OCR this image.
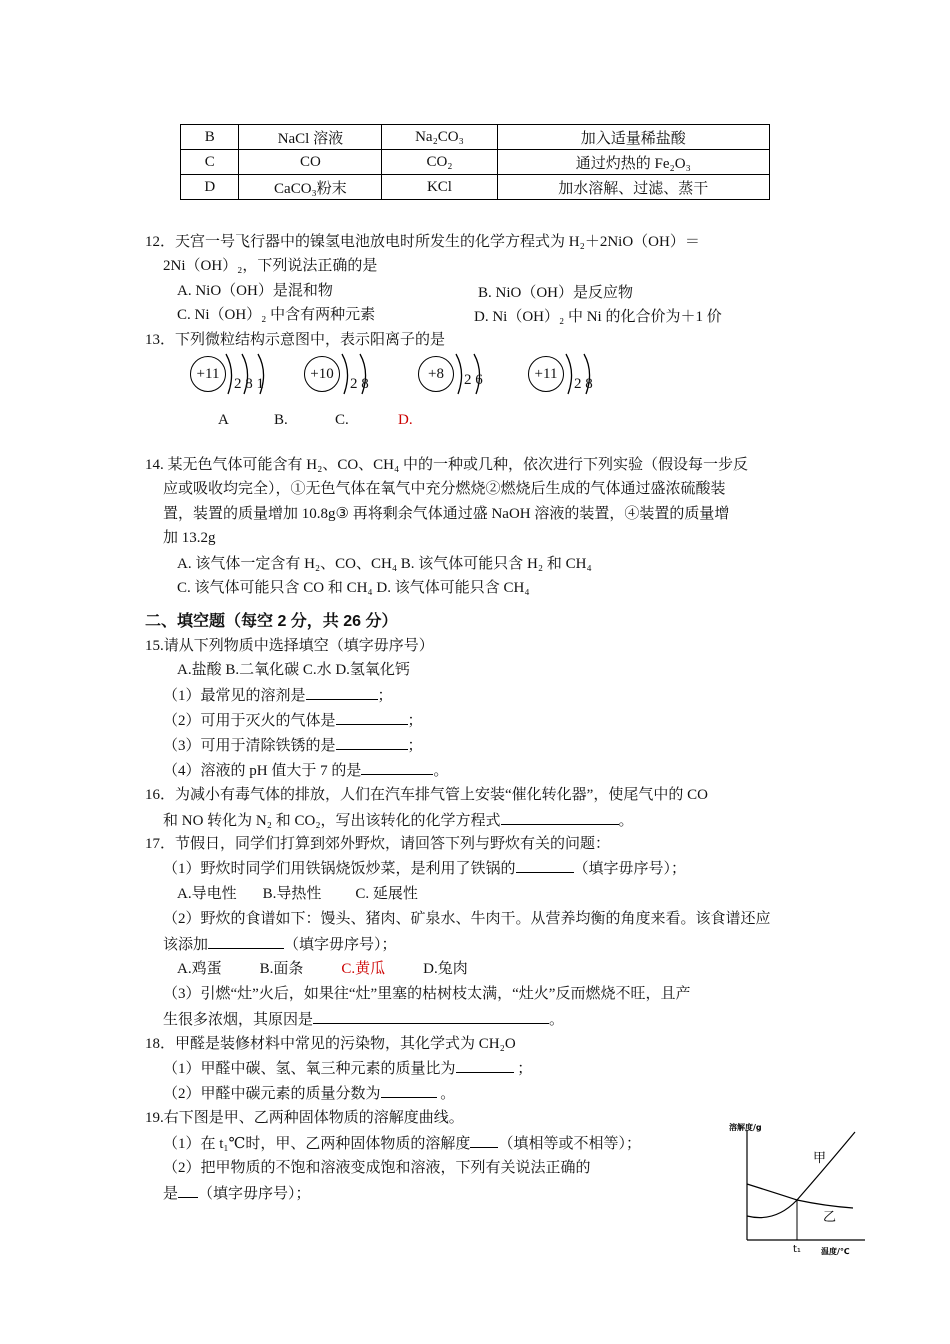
B	NaCl 溶液	Na₂CO₃	加入适量稀盐酸
C	CO	CO₂	通过灼热的 Fe₂O₃
D	CaCO₃粉末	KCl	加水溶解、过滤、蒸干
12．天宫一号飞行器中的镍氢电池放电时所发生的化学方程式为 H₂＋2NiO（OH）＝
2Ni（OH）₂，下列说法正确的是
A. NiO（OH）是混和物	B. NiO（OH）是反应物
C. Ni（OH）₂ 中含有两种元素	D. Ni（OH）₂ 中 Ni 的化合价为＋1 价
13．下列微粒结构示意图中，表示阳离子的是
+11
2 8 1
+10
2 8
+8	2 6	+11
2 8
A	B.	C.	D.
14. 某无色气体可能含有 H₂、CO、CH₄ 中的一种或几种，依次进行下列实验（假设每一步反
应或吸收均完全），①无色气体在氧气中充分燃烧②燃烧后生成的气体通过盛浓硫酸装
置，装置的质量增加 10.8g③ 再将剩余气体通过盛 NaOH 溶液的装置，④装置的质量增
加 13.2g
A. 该气体一定含有 H₂、CO、CH₄ B. 该气体可能只含 H₂ 和 CH₄
C. 该气体可能只含 CO 和 CH₄ D. 该气体可能只含 CH₄
二、填空题（每空 2 分，共 26 分）
15.请从下列物质中选择填空（填字毋序号）
A.盐酸 B.二氧化碳 C.水 D.氢氧化钙
（1）最常见的溶剂是	；
（2）可用于灭火的气体是	；
（3）可用于清除铁锈的是	；
（4）溶液的 pH 值大于 7 的是	。
16．为减小有毒气体的排放，人们在汽车排气管上安装“催化转化器”，使尾气中的 CO
和 NO 转化为 N₂ 和 CO₂，写出该转化的化学方程式	。
17．节假日，同学们打算到郊外野炊，请回答下列与野炊有关的问题：
（1）野炊时同学们用铁锅烧饭炒菜，是利用了铁锅的	（填字毋序号）；
A.导电性 B.导热性 C. 延展性
（2）野炊的食谱如下：馒头、猪肉、矿泉水、牛肉干。从营养均衡的角度来看。该食谱还应
该添加	（填字毋序号）；
A.鸡蛋	B.面条	C.黄瓜	D.兔肉
（3）引燃“灶”火后，如果往“灶”里塞的枯树枝太满，“灶火”反而燃烧不旺，且产
生很多浓烟，其原因是	。
18．甲醛是装修材料中常见的污染物，其化学式为 CH₂O
（1）甲醛中碳、氢、氧三种元素的质量比为	；
（2）甲醛中碳元素的质量分数为	。
19.右下图是甲、乙两种固体物质的溶解度曲线。
（1）在 t₁℃时，甲、乙两种固体物质的溶解度 （填相等或不相等）；
（2）把甲物质的不饱和溶液变成饱和溶液，下列有关说法正确的
是 （填字毋序号）；
溶解度/g
甲
乙
t₁	温度/℃
